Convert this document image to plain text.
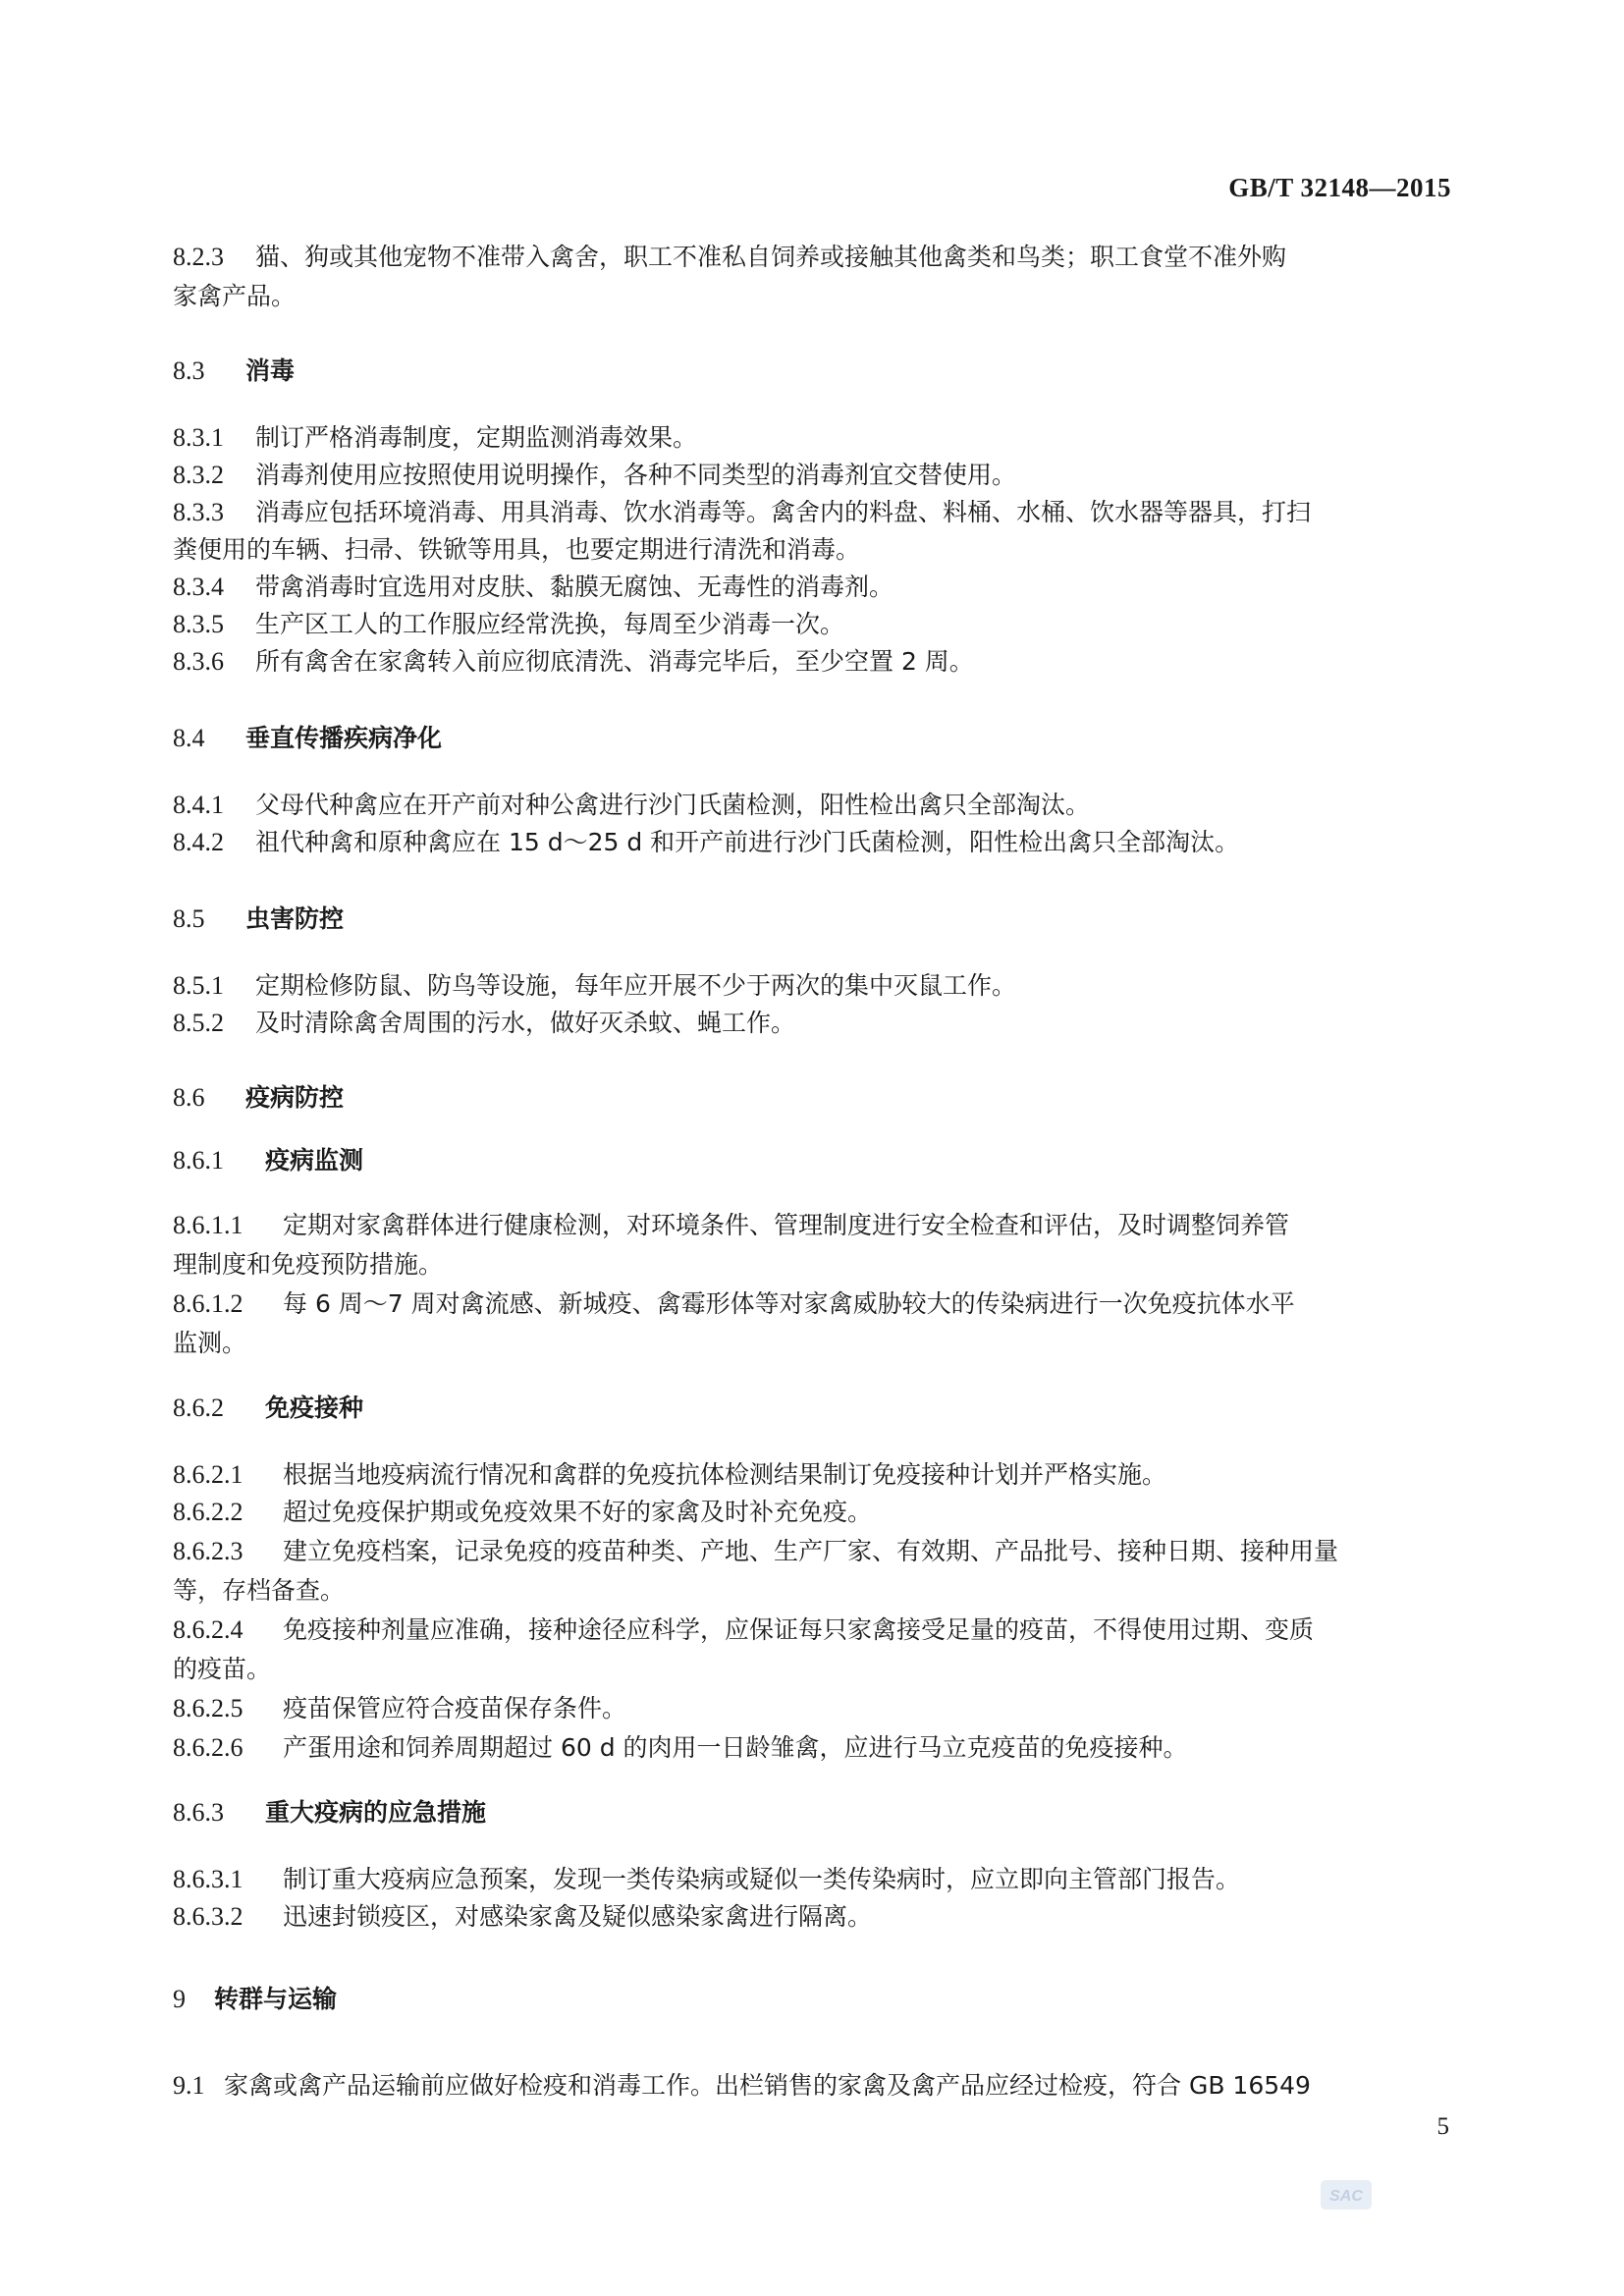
GB/T 32148—2015
8.2.3 猫、狗或其他宠物不准带入禽舍，职工不准私自饲养或接触其他禽类和鸟类；职工食堂不准外购
家禽产品。
8.3 消毒
8.3.1 制订严格消毒制度，定期监测消毒效果。
8.3.2 消毒剂使用应按照使用说明操作，各种不同类型的消毒剂宜交替使用。
8.3.3 消毒应包括环境消毒、用具消毒、饮水消毒等。禽舍内的料盘、料桶、水桶、饮水器等器具，打扫
粪便用的车辆、扫帚、铁锨等用具，也要定期进行清洗和消毒。
8.3.4 带禽消毒时宜选用对皮肤、黏膜无腐蚀、无毒性的消毒剂。
8.3.5 生产区工人的工作服应经常洗换，每周至少消毒一次。
8.3.6 所有禽舍在家禽转入前应彻底清洗、消毒完毕后，至少空置 2 周。
8.4 垂直传播疾病净化
8.4.1 父母代种禽应在开产前对种公禽进行沙门氏菌检测，阳性检出禽只全部淘汰。
8.4.2 祖代种禽和原种禽应在 15 d～25 d 和开产前进行沙门氏菌检测，阳性检出禽只全部淘汰。
8.5 虫害防控
8.5.1 定期检修防鼠、防鸟等设施，每年应开展不少于两次的集中灭鼠工作。
8.5.2 及时清除禽舍周围的污水，做好灭杀蚊、蝇工作。
8.6 疫病防控
8.6.1 疫病监测
8.6.1.1 定期对家禽群体进行健康检测，对环境条件、管理制度进行安全检查和评估，及时调整饲养管
理制度和免疫预防措施。
8.6.1.2 每 6 周～7 周对禽流感、新城疫、禽霉形体等对家禽威胁较大的传染病进行一次免疫抗体水平
监测。
8.6.2 免疫接种
8.6.2.1 根据当地疫病流行情况和禽群的免疫抗体检测结果制订免疫接种计划并严格实施。
8.6.2.2 超过免疫保护期或免疫效果不好的家禽及时补充免疫。
8.6.2.3 建立免疫档案，记录免疫的疫苗种类、产地、生产厂家、有效期、产品批号、接种日期、接种用量
等，存档备查。
8.6.2.4 免疫接种剂量应准确，接种途径应科学，应保证每只家禽接受足量的疫苗，不得使用过期、变质
的疫苗。
8.6.2.5 疫苗保管应符合疫苗保存条件。
8.6.2.6 产蛋用途和饲养周期超过 60 d 的肉用一日龄雏禽，应进行马立克疫苗的免疫接种。
8.6.3 重大疫病的应急措施
8.6.3.1 制订重大疫病应急预案，发现一类传染病或疑似一类传染病时，应立即向主管部门报告。
8.6.3.2 迅速封锁疫区，对感染家禽及疑似感染家禽进行隔离。
9 转群与运输
9.1 家禽或禽产品运输前应做好检疫和消毒工作。出栏销售的家禽及禽产品应经过检疫，符合 GB 16549
5
SAC
